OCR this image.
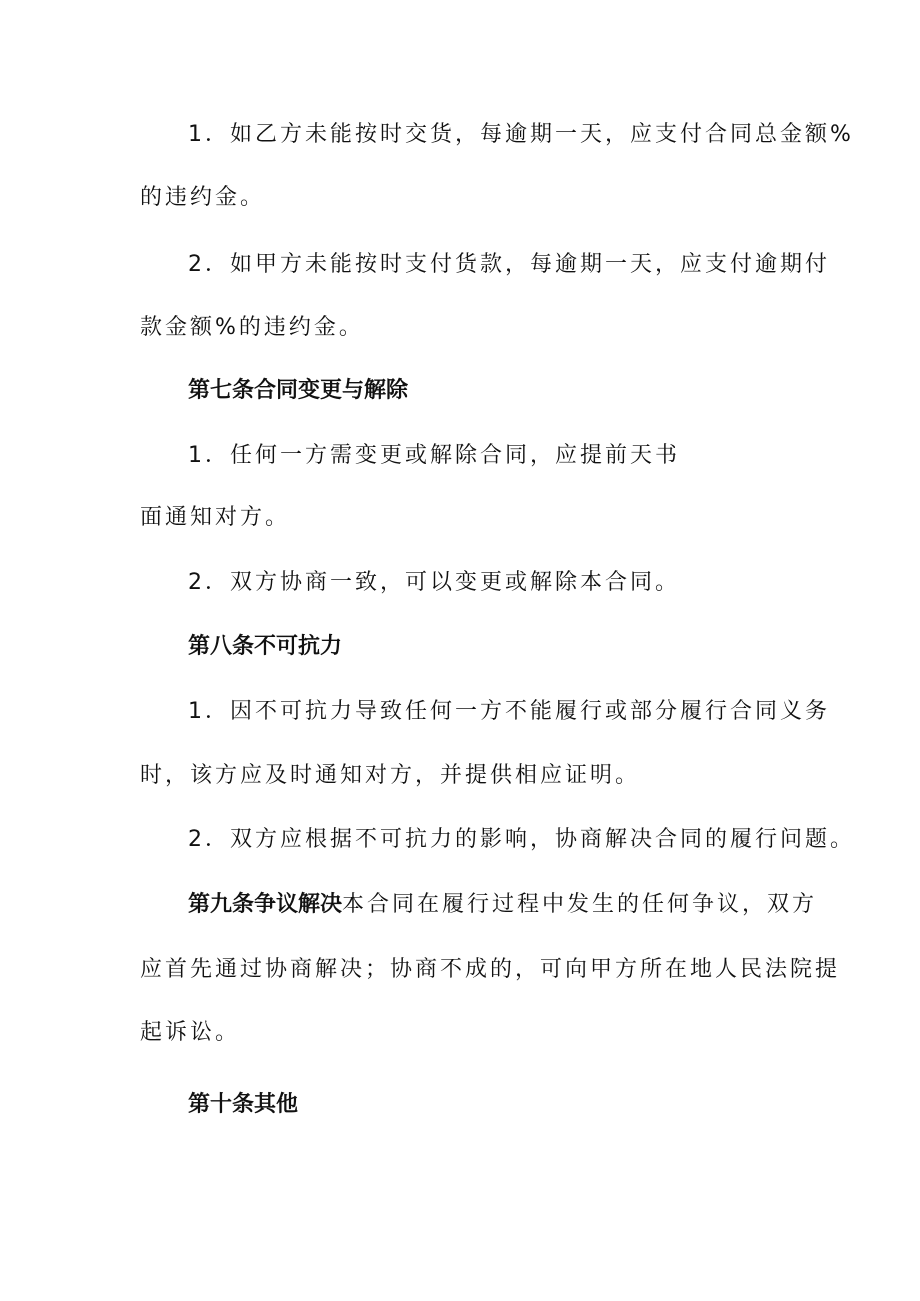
1．如乙方未能按时交货，每逾期一天，应支付合同总金额%

的违约金。

2．如甲方未能按时支付货款，每逾期一天，应支付逾期付

款金额%的违约金。

第七条合同变更与解除

1．任何一方需变更或解除合同，应提前天书

面通知对方。

2．双方协商一致，可以变更或解除本合同。

第八条不可抗力

1．因不可抗力导致任何一方不能履行或部分履行合同义务

时，该方应及时通知对方，并提供相应证明。

2．双方应根据不可抗力的影响，协商解决合同的履行问题。

第九条争议解决本合同在履行过程中发生的任何争议，双方

应首先通过协商解决；协商不成的，可向甲方所在地人民法院提

起诉讼。

第十条其他
